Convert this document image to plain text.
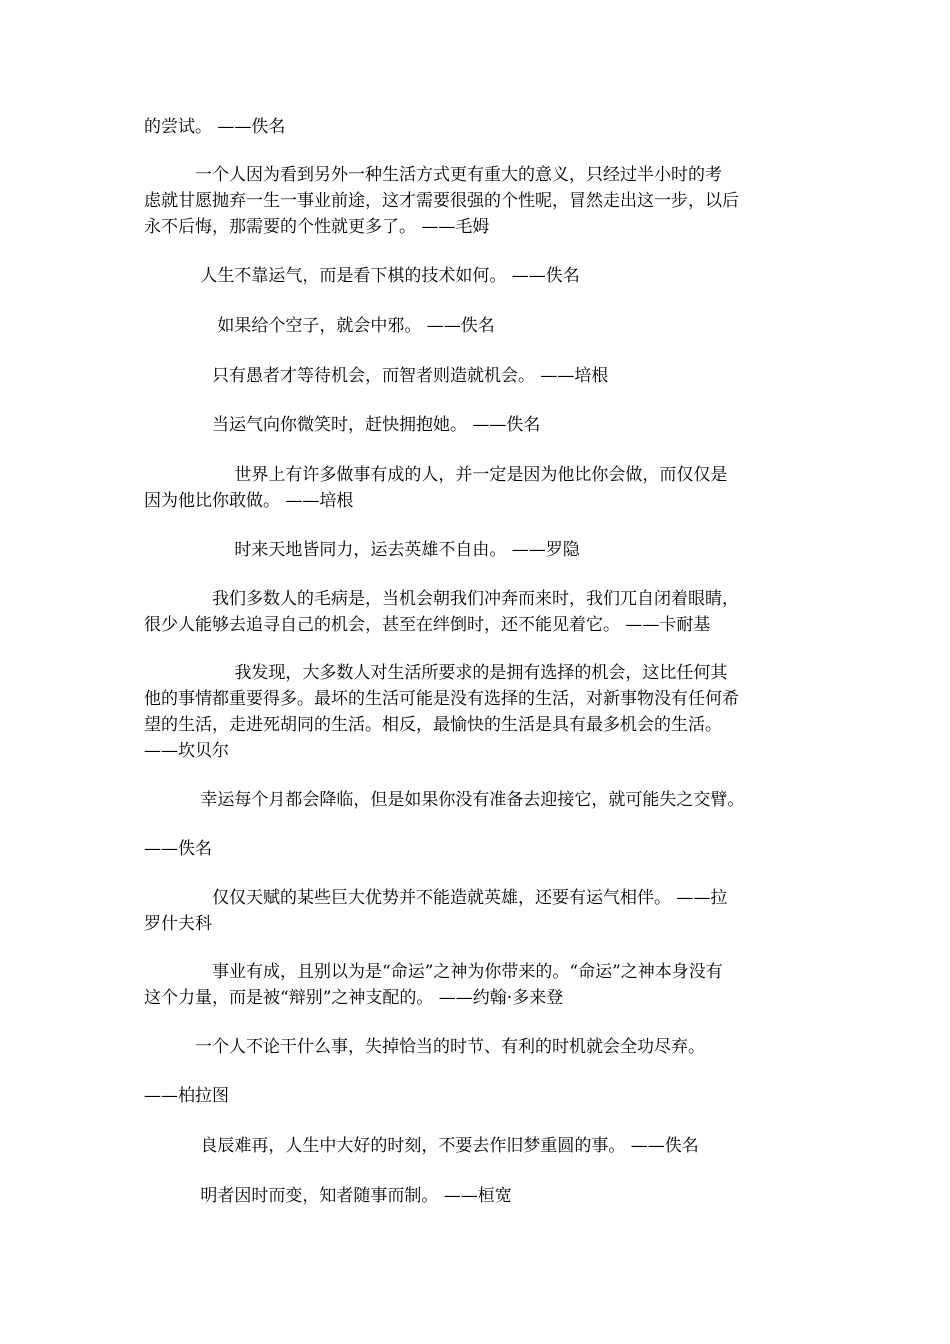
的尝试。 ——佚名
　　　一个人因为看到另外一种生活方式更有重大的意义，只经过半小时的考
虑就甘愿抛弃一生一事业前途，这才需要很强的个性呢，冒然走出这一步，以后
永不后悔，那需要的个性就更多了。 ——毛姆
　　　 人生不靠运气，而是看下棋的技术如何。 ——佚名
　　　　 如果给个空子，就会中邪。 ——佚名
　　　　只有愚者才等待机会，而智者则造就机会。 ——培根
　　　　当运气向你微笑时，赶快拥抱她。 ——佚名
　　　　　 世界上有许多做事有成的人，并一定是因为他比你会做，而仅仅是
因为他比你敢做。 ——培根
　　　　　 时来天地皆同力，运去英雄不自由。 ——罗隐
　　　　我们多数人的毛病是，当机会朝我们冲奔而来时，我们兀自闭着眼睛，
很少人能够去追寻自己的机会，甚至在绊倒时，还不能见着它。 ——卡耐基
　　　　　 我发现，大多数人对生活所要求的是拥有选择的机会，这比任何其
他的事情都重要得多。最坏的生活可能是没有选择的生活，对新事物没有任何希
望的生活，走进死胡同的生活。相反，最愉快的生活是具有最多机会的生活。
——坎贝尔
　　　 幸运每个月都会降临，但是如果你没有准备去迎接它，就可能失之交臂。
——佚名
　　　　仅仅天赋的某些巨大优势并不能造就英雄，还要有运气相伴。 ——拉
罗什夫科
　　　　事业有成，且别以为是“命运”之神为你带来的。“命运”之神本身没有
这个力量，而是被“辩别”之神支配的。 ——约翰·多来登
　　　一个人不论干什么事，失掉恰当的时节、有利的时机就会全功尽弃。
——柏拉图
　　　 良辰难再，人生中大好的时刻，不要去作旧梦重圆的事。 ——佚名
　　　 明者因时而变，知者随事而制。 ——桓宽
